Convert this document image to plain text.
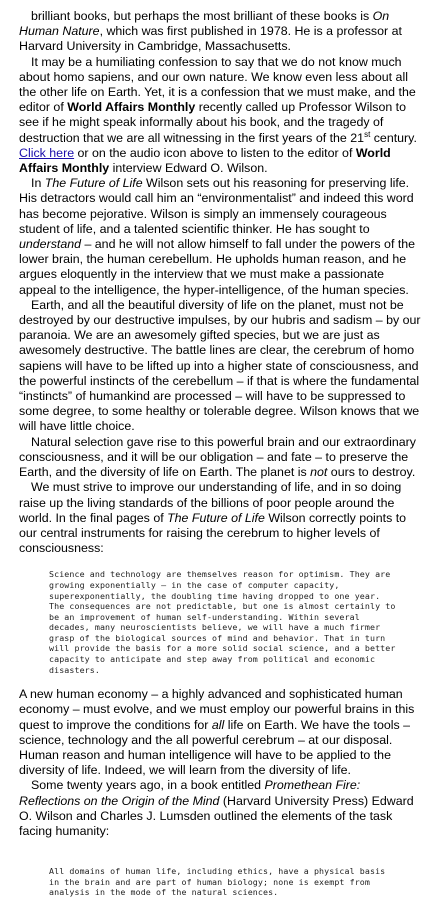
brilliant books, but perhaps the most brilliant of these books is On Human Nature, which was first published in 1978. He is a professor at Harvard University in Cambridge, Massachusetts.

It may be a humiliating confession to say that we do not know much about homo sapiens, and our own nature. We know even less about all the other life on Earth. Yet, it is a confession that we must make, and the editor of World Affairs Monthly recently called up Professor Wilson to see if he might speak informally about his book, and the tragedy of destruction that we are all witnessing in the first years of the 21st century. Click here or on the audio icon above to listen to the editor of World Affairs Monthly interview Edward O. Wilson.

In The Future of Life Wilson sets out his reasoning for preserving life. His detractors would call him an “environmentalist” and indeed this word has become pejorative. Wilson is simply an immensely courageous student of life, and a talented scientific thinker. He has sought to understand – and he will not allow himself to fall under the powers of the lower brain, the human cerebellum. He upholds human reason, and he argues eloquently in the interview that we must make a passionate appeal to the intelligence, the hyper-intelligence, of the human species.

Earth, and all the beautiful diversity of life on the planet, must not be destroyed by our destructive impulses, by our hubris and sadism – by our paranoia. We are an awesomely gifted species, but we are just as awesomely destructive. The battle lines are clear, the cerebrum of homo sapiens will have to be lifted up into a higher state of consciousness, and the powerful instincts of the cerebellum – if that is where the fundamental “instincts” of humankind are processed – will have to be suppressed to some degree, to some healthy or tolerable degree. Wilson knows that we will have little choice.

Natural selection gave rise to this powerful brain and our extraordinary consciousness, and it will be our obligation – and fate – to preserve the Earth, and the diversity of life on Earth. The planet is not ours to destroy.

We must strive to improve our understanding of life, and in so doing raise up the living standards of the billions of poor people around the world. In the final pages of The Future of Life Wilson correctly points to our central instruments for raising the cerebrum to higher levels of consciousness:

Science and technology are themselves reason for optimism. They are growing exponentially – in the case of computer capacity, superexponentially, the doubling time having dropped to one year. The consequences are not predictable, but one is almost certainly to be an improvement of human self-understanding. Within several decades, many neuroscientists believe, we will have a much firmer grasp of the biological sources of mind and behavior. That in turn will provide the basis for a more solid social science, and a better capacity to anticipate and step away from political and economic disasters.

A new human economy – a highly advanced and sophisticated human economy – must evolve, and we must employ our powerful brains in this quest to improve the conditions for all life on Earth. We have the tools – science, technology and the all powerful cerebrum – at our disposal. Human reason and human intelligence will have to be applied to the diversity of life. Indeed, we will learn from the diversity of life.

Some twenty years ago, in a book entitled Promethean Fire: Reflections on the Origin of the Mind (Harvard University Press) Edward O. Wilson and Charles J. Lumsden outlined the elements of the task facing humanity:

All domains of human life, including ethics, have a physical basis in the brain and are part of human biology; none is exempt from analysis in the mode of the natural sciences.
